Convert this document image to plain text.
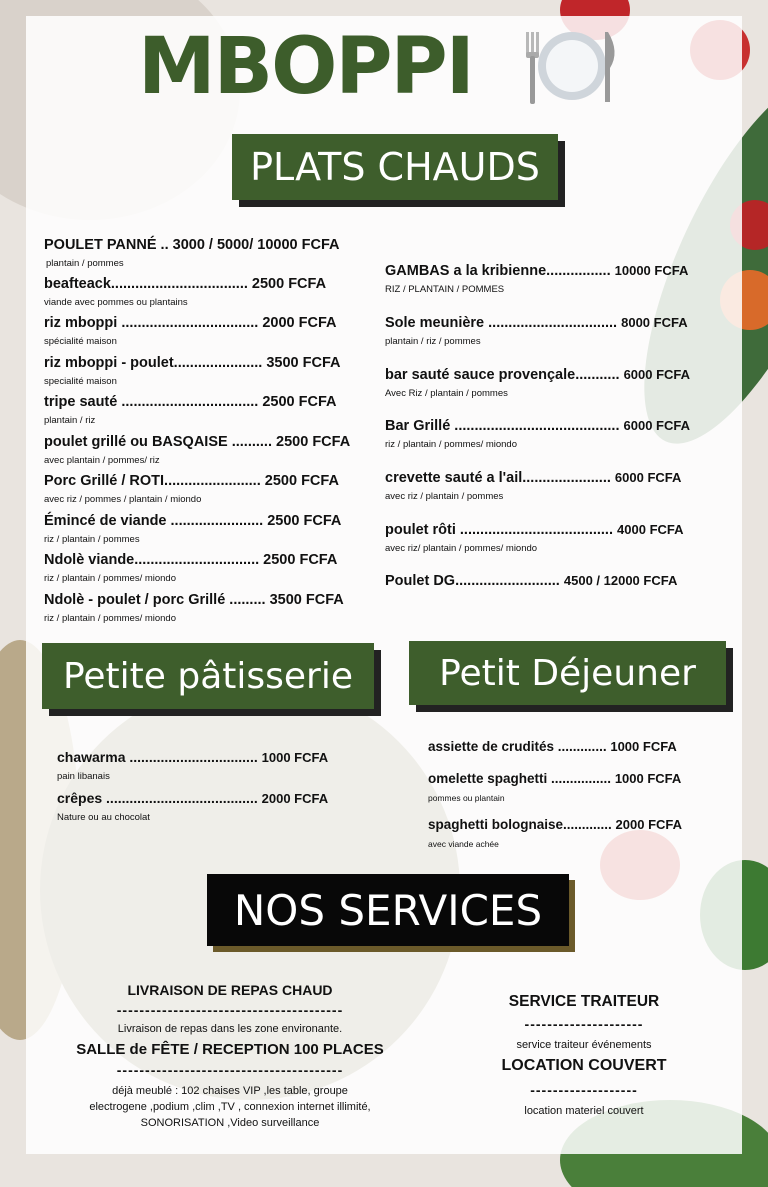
MBOPPI
PLATS CHAUDS
POULET PANNÉ .. 3000 / 5000/ 10000 FCFA
plantain / pommes
beafteack.................................. 2500 FCFA
viande avec pommes ou plantains
riz mboppi .................................. 2000 FCFA
spécialité maison
riz mboppi - poulet...................... 3500 FCFA
specialité maison
tripe sauté .................................. 2500 FCFA
plantain / riz
poulet grillé ou BASQAISE .......... 2500 FCFA
avec plantain / pommes/ riz
Porc Grillé / ROTI........................ 2500 FCFA
avec riz / pommes / plantain / miondo
Émincé de viande ....................... 2500 FCFA
riz / plantain / pommes
Ndolè viande............................... 2500 FCFA
riz / plantain / pommes/ miondo
Ndolè - poulet / porc Grillé ......... 3500 FCFA
riz / plantain / pommes/ miondo
GAMBAS a la kribienne................ 10000 FCFA
RIZ / PLANTAIN / POMMES
Sole meunière ................................ 8000 FCFA
plantain / riz / pommes
bar sauté sauce provençale........... 6000 FCFA
Avec Riz / plantain / pommes
Bar Grillé ......................................... 6000 FCFA
riz / plantain / pommes/ miondo
crevette sauté a l'ail...................... 6000 FCFA
avec riz / plantain / pommes
poulet rôti ...................................... 4000 FCFA
avec riz/ plantain / pommes/ miondo
Poulet DG.......................... 4500 / 12000 FCFA
Petite pâtisserie
chawarma ................................. 1000 FCFA
pain libanais
crêpes ....................................... 2000 FCFA
Nature ou au chocolat
Petit Déjeuner
assiette de crudités ............. 1000 FCFA
omelette spaghetti ................ 1000 FCFA
pommes ou plantain
spaghetti bolognaise............. 2000 FCFA
avec viande achée
NOS SERVICES
LIVRAISON DE REPAS CHAUD
----------------------------------------
Livraison de repas dans les zone environante.
SALLE de FÊTE / RECEPTION 100 PLACES
----------------------------------------
déjà meublé : 102 chaises VIP ,les table, groupe
electrogene ,podium ,clim ,TV , connexion internet illimité,
SONORISATION ,Video surveillance
SERVICE TRAITEUR
---------------------
service traiteur événements
LOCATION COUVERT
-------------------
location materiel couvert
